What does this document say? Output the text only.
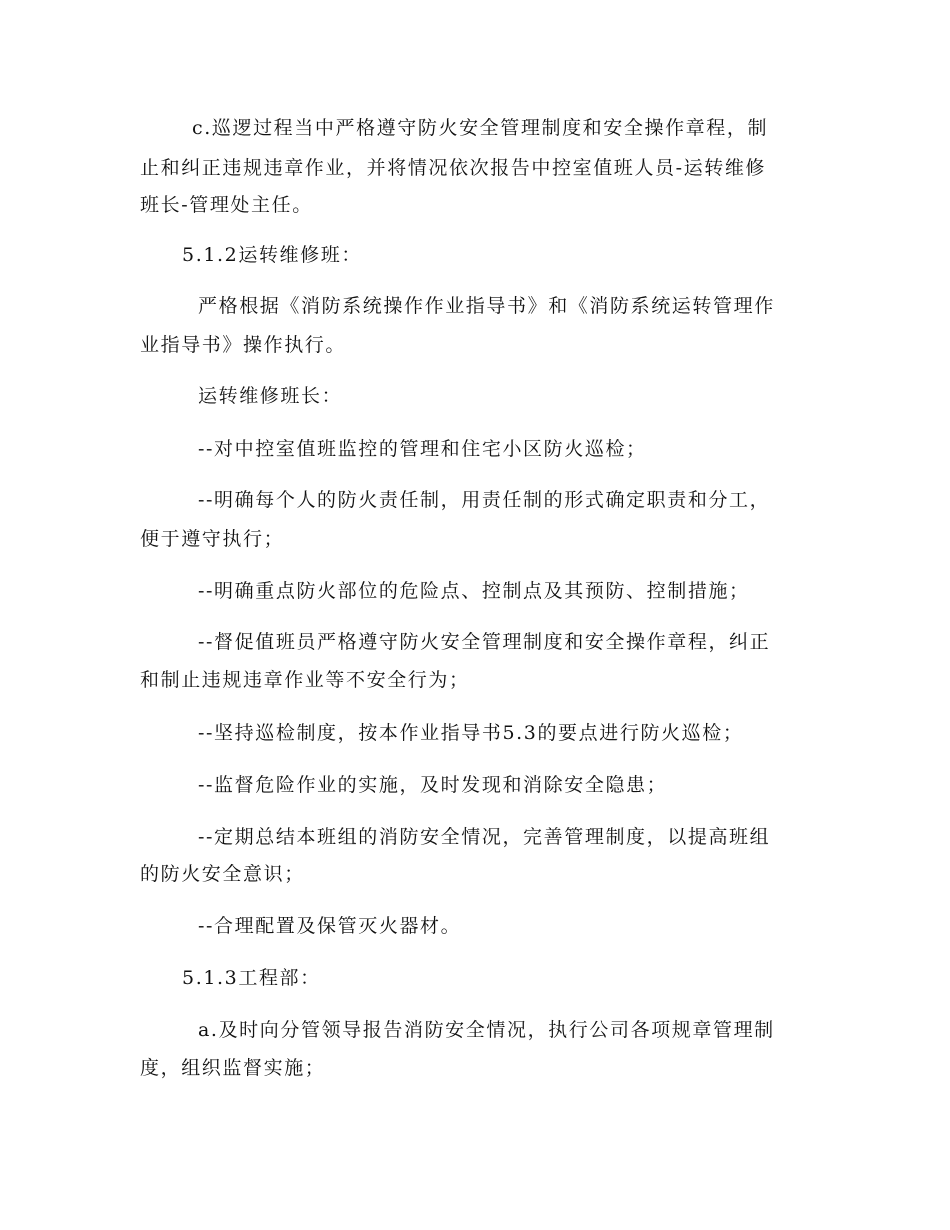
c.巡逻过程当中严格遵守防火安全管理制度和安全操作章程，制
止和纠正违规违章作业，并将情况依次报告中控室值班人员-运转维修
班长-管理处主任。
5.1.2运转维修班：
严格根据《消防系统操作作业指导书》和《消防系统运转管理作
业指导书》操作执行。
运转维修班长：
--对中控室值班监控的管理和住宅小区防火巡检；
--明确每个人的防火责任制，用责任制的形式确定职责和分工，
便于遵守执行；
--明确重点防火部位的危险点、控制点及其预防、控制措施；
--督促值班员严格遵守防火安全管理制度和安全操作章程，纠正
和制止违规违章作业等不安全行为；
--坚持巡检制度，按本作业指导书5.3的要点进行防火巡检；
--监督危险作业的实施，及时发现和消除安全隐患；
--定期总结本班组的消防安全情况，完善管理制度，以提高班组
的防火安全意识；
--合理配置及保管灭火器材。
5.1.3工程部：
a.及时向分管领导报告消防安全情况，执行公司各项规章管理制
度，组织监督实施；
